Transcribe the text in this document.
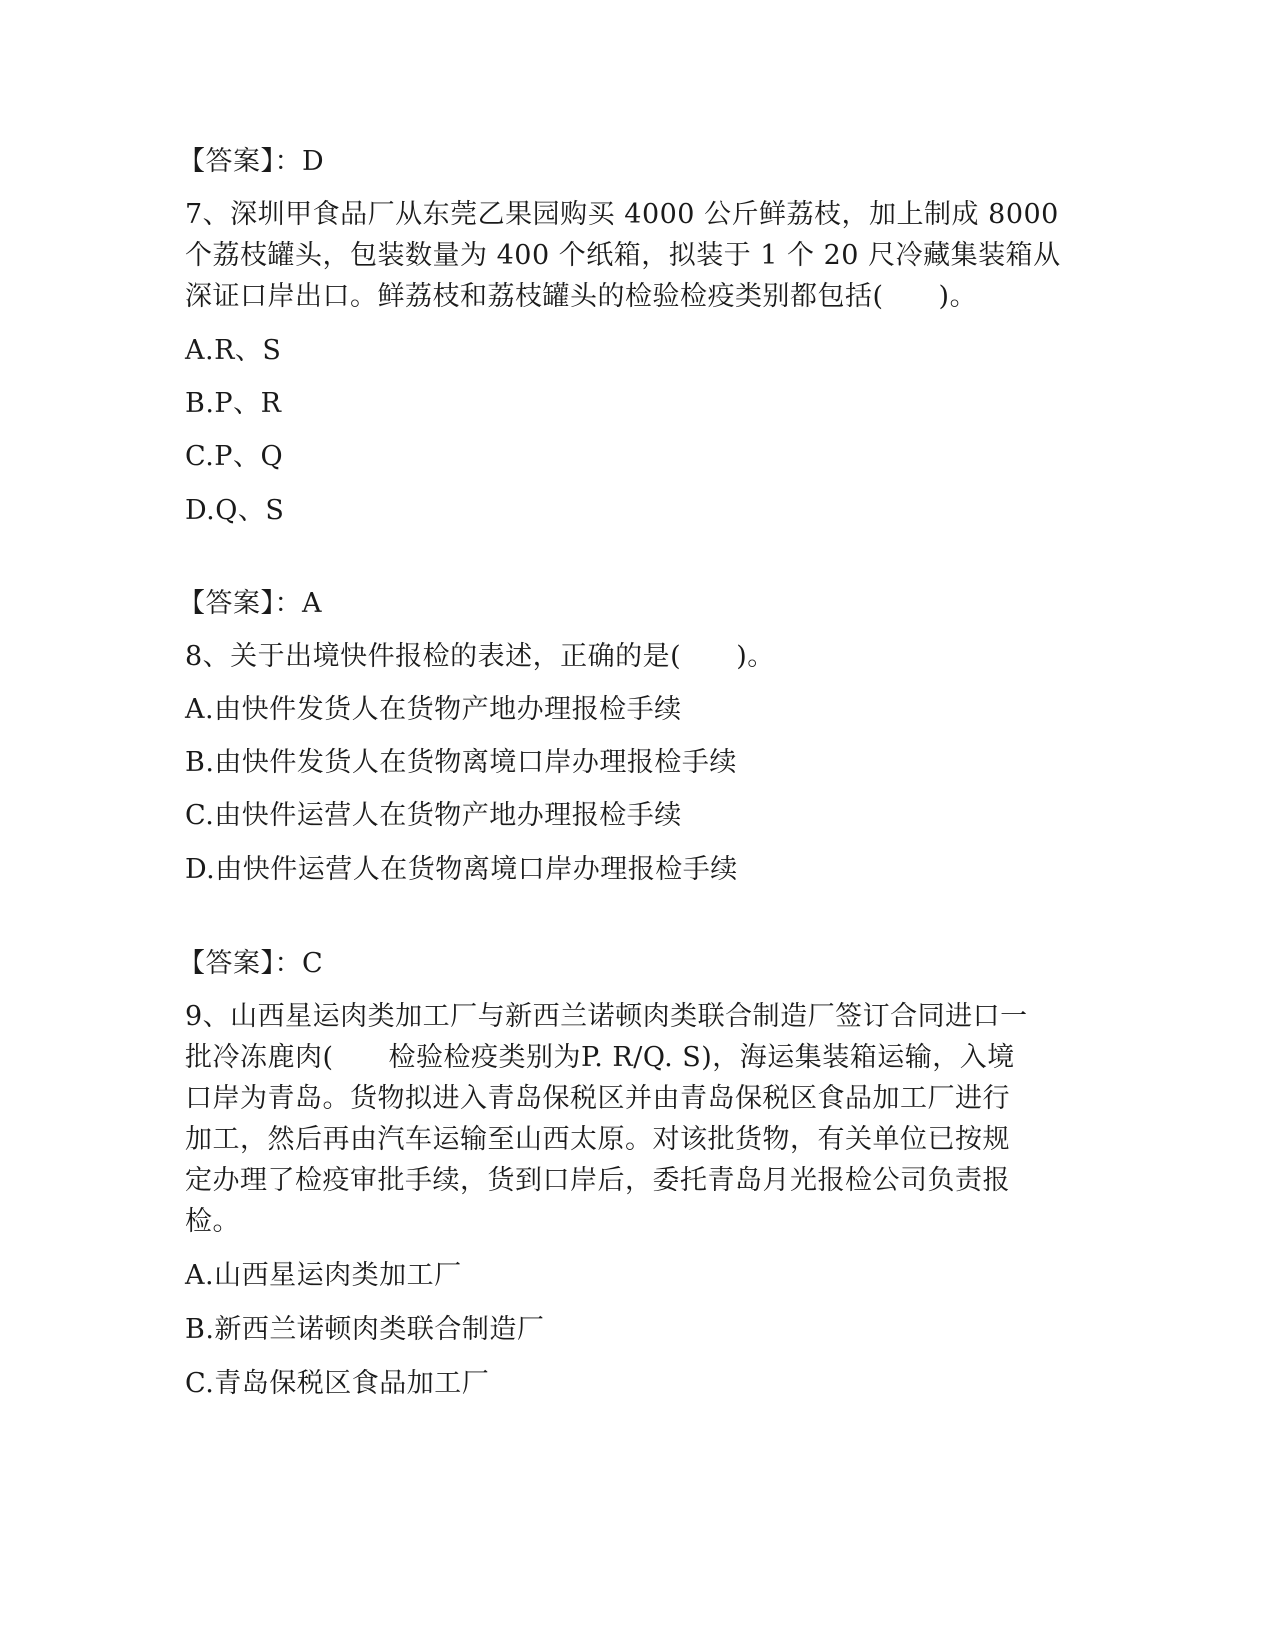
【答案】：D
7、深圳甲食品厂从东莞乙果园购买 4000 公斤鲜荔枝，加上制成 8000
个荔枝罐头，包装数量为 400 个纸箱，拟装于 1 个 20 尺冷藏集装箱从
深证口岸出口。鲜荔枝和荔枝罐头的检验检疫类别都包括(　　)。
A.R、S
B.P、R
C.P、Q
D.Q、S
【答案】：A
8、关于出境快件报检的表述，正确的是(　　)。
A.由快件发货人在货物产地办理报检手续
B.由快件发货人在货物离境口岸办理报检手续
C.由快件运营人在货物产地办理报检手续
D.由快件运营人在货物离境口岸办理报检手续
【答案】：C
9、山西星运肉类加工厂与新西兰诺顿肉类联合制造厂签订合同进口一
批冷冻鹿肉(　　检验检疫类别为P. R/Q. S)，海运集装箱运输，入境
口岸为青岛。货物拟进入青岛保税区并由青岛保税区食品加工厂进行
加工，然后再由汽车运输至山西太原。对该批货物，有关单位已按规
定办理了检疫审批手续，货到口岸后，委托青岛月光报检公司负责报
检。
A.山西星运肉类加工厂
B.新西兰诺顿肉类联合制造厂
C.青岛保税区食品加工厂
